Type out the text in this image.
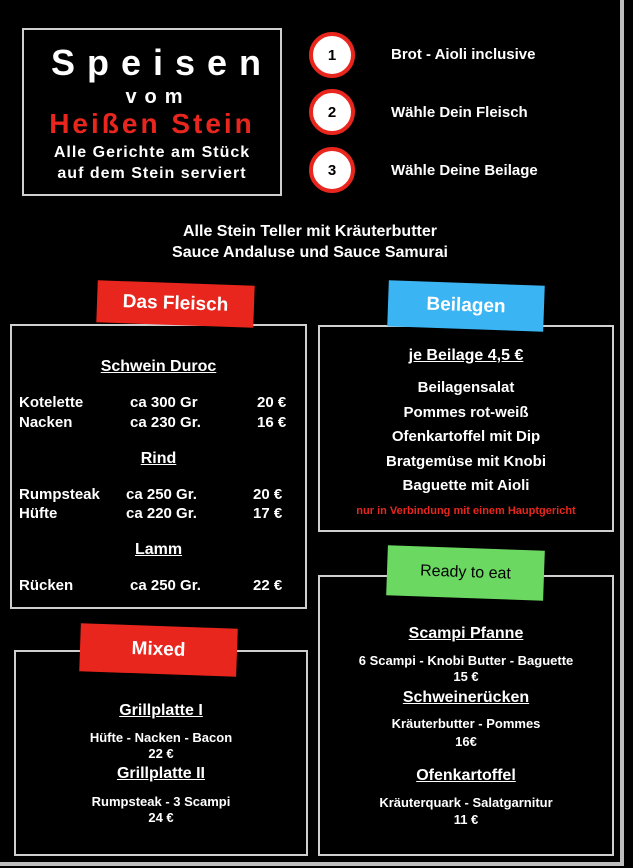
Speisen
vom
Heißen Stein
Alle Gerichte am Stück
auf dem Stein serviert
1	Brot - Aioli inclusive
2	Wähle Dein Fleisch
3	Wähle Deine Beilage
Alle Stein Teller mit Kräuterbutter
Sauce Andaluse und Sauce Samurai
Schwein Duroc
Kotelette	ca 300 Gr	20 €
Nacken	ca 230 Gr.	16 €
Rind
Rumpsteak ca 250 Gr.	20 €
Hüfte	ca 220 Gr.	17 €
Lamm
Rücken	ca 250 Gr.	22 €
Das Fleisch
je Beilage 4,5 €
Beilagensalat
Pommes rot-weiß
Ofenkartoffel mit Dip
Bratgemüse mit Knobi
Baguette mit Aioli
nur in Verbindung mit einem Hauptgericht
Beilagen
Scampi Pfanne
6 Scampi - Knobi Butter - Baguette
15 €
Schweinerücken
Kräuterbutter - Pommes
16€
Ofenkartoffel
Kräuterquark - Salatgarnitur
11 €
Ready to eat
Grillplatte I
Hüfte - Nacken - Bacon
22 €
Grillplatte II
Rumpsteak - 3 Scampi
24 €
Mixed
